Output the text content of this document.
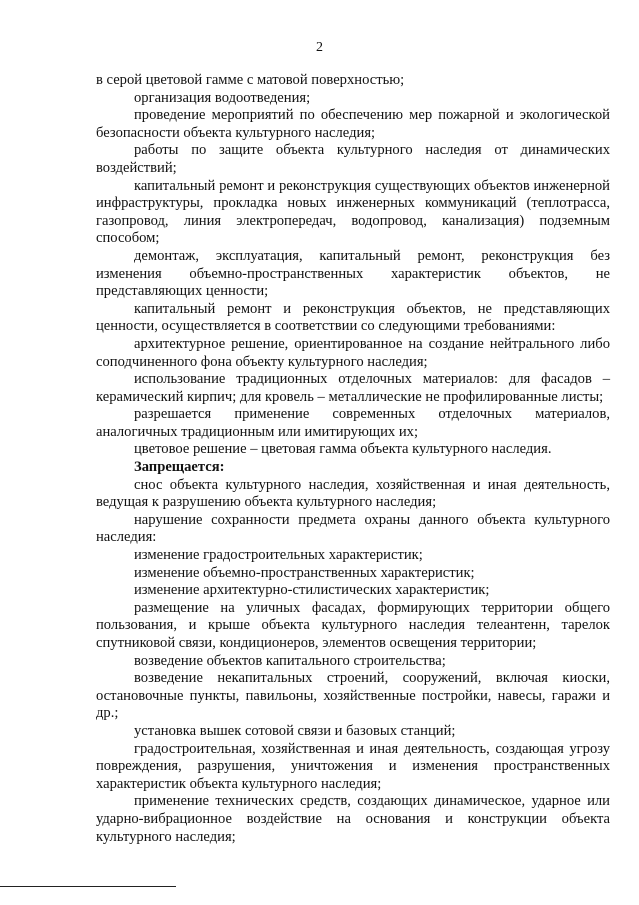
2

в серой цветовой гамме с матовой поверхностью;

организация водоотведения;

проведение мероприятий по обеспечению мер пожарной и экологической безопасности объекта культурного наследия;

работы по защите объекта культурного наследия от динамических воздействий;

капитальный ремонт и реконструкция существующих объектов инженерной инфраструктуры, прокладка новых инженерных коммуникаций (теплотрасса, газопровод, линия электропередач, водопровод, канализация) подземным способом;

демонтаж, эксплуатация, капитальный ремонт, реконструкция без изменения объемно-пространственных характеристик объектов, не представляющих ценности;

капитальный ремонт и реконструкция объектов, не представляющих ценности, осуществляется в соответствии со следующими требованиями:

архитектурное решение, ориентированное на создание нейтрального либо соподчиненного фона объекту культурного наследия;

использование традиционных отделочных материалов: для фасадов – керамический кирпич; для кровель – металлические не профилированные листы;

разрешается применение современных отделочных материалов, аналогичных традиционным или имитирующих их;

цветовое решение – цветовая гамма объекта культурного наследия.

Запрещается:

снос объекта культурного наследия, хозяйственная и иная деятельность, ведущая к разрушению объекта культурного наследия;

нарушение сохранности предмета охраны данного объекта культурного наследия:

изменение градостроительных характеристик;

изменение объемно-пространственных характеристик;

изменение архитектурно-стилистических характеристик;

размещение на уличных фасадах, формирующих территории общего пользования, и крыше объекта культурного наследия телеантенн, тарелок спутниковой связи, кондиционеров, элементов освещения территории;

возведение объектов капитального строительства;

возведение некапитальных строений, сооружений, включая киоски, остановочные пункты, павильоны, хозяйственные постройки, навесы, гаражи и др.;

установка вышек сотовой связи и базовых станций;

градостроительная, хозяйственная и иная деятельность, создающая угрозу повреждения, разрушения, уничтожения и изменения пространственных характеристик объекта культурного наследия;

применение технических средств, создающих динамическое, ударное или ударно-вибрационное воздействие на основания и конструкции объекта культурного наследия;
